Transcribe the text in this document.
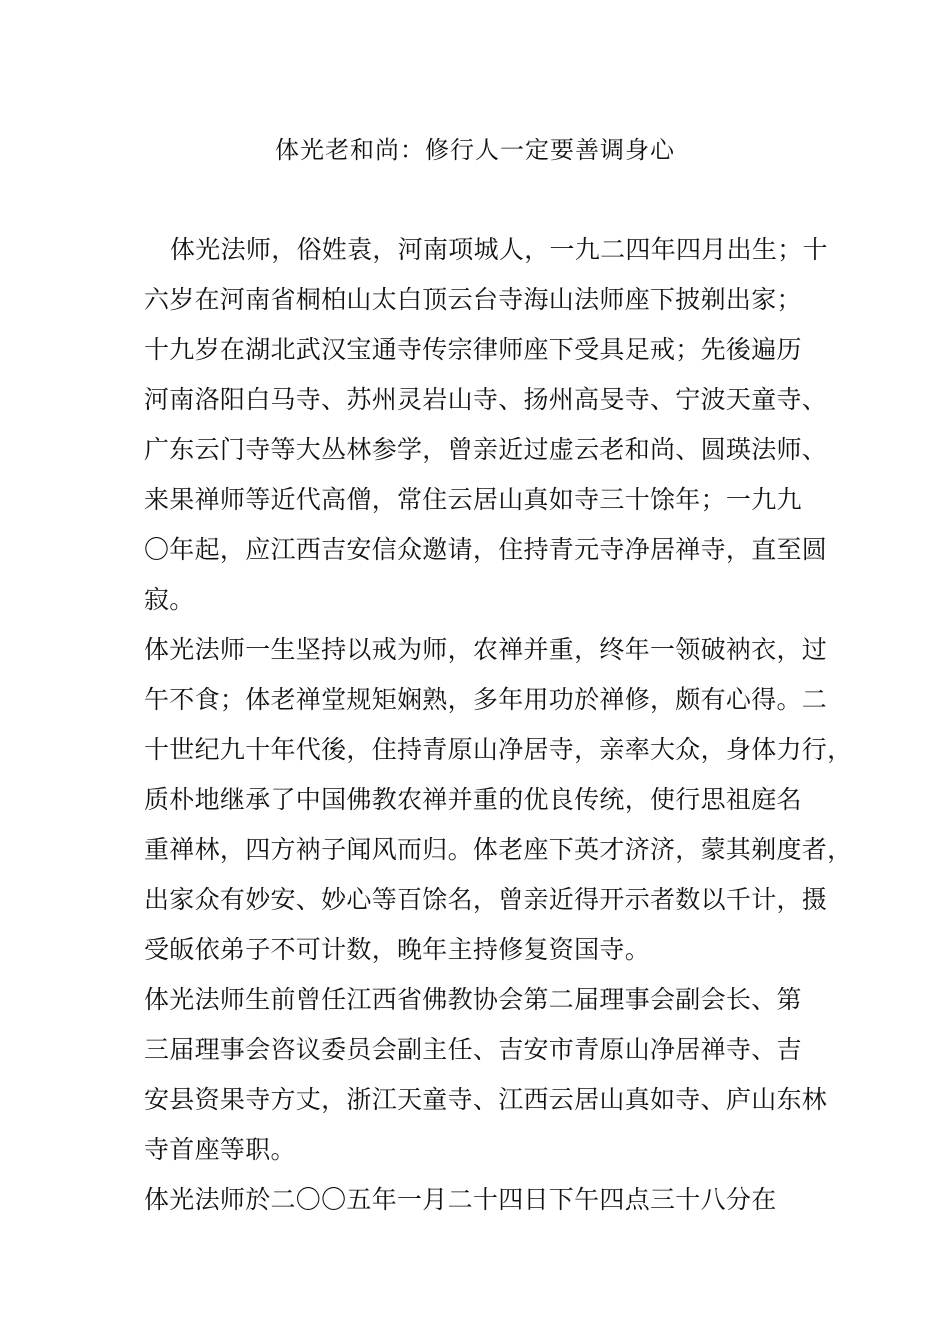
体光老和尚：修行人一定要善调身心
体光法师，俗姓袁，河南项城人，一九二四年四月出生；十
六岁在河南省桐柏山太白顶云台寺海山法师座下披剃出家；
十九岁在湖北武汉宝通寺传宗律师座下受具足戒；先後遍历
河南洛阳白马寺、苏州灵岩山寺、扬州高旻寺、宁波天童寺、
广东云门寺等大丛林参学，曾亲近过虚云老和尚、圆瑛法师、
来果禅师等近代高僧，常住云居山真如寺三十馀年；一九九
〇年起，应江西吉安信众邀请，住持青元寺净居禅寺，直至圆
寂。
体光法师一生坚持以戒为师，农禅并重，终年一领破衲衣，过
午不食；体老禅堂规矩娴熟，多年用功於禅修，颇有心得。二
十世纪九十年代後，住持青原山净居寺，亲率大众，身体力行，
质朴地继承了中国佛教农禅并重的优良传统，使行思祖庭名
重禅林，四方衲子闻风而归。体老座下英才济济，蒙其剃度者，
出家众有妙安、妙心等百馀名，曾亲近得开示者数以千计，摄
受皈依弟子不可计数，晚年主持修复资国寺。
体光法师生前曾任江西省佛教协会第二届理事会副会长、第
三届理事会咨议委员会副主任、吉安市青原山净居禅寺、吉
安县资果寺方丈，浙江天童寺、江西云居山真如寺、庐山东林
寺首座等职。
体光法师於二〇〇五年一月二十四日下午四点三十八分在
